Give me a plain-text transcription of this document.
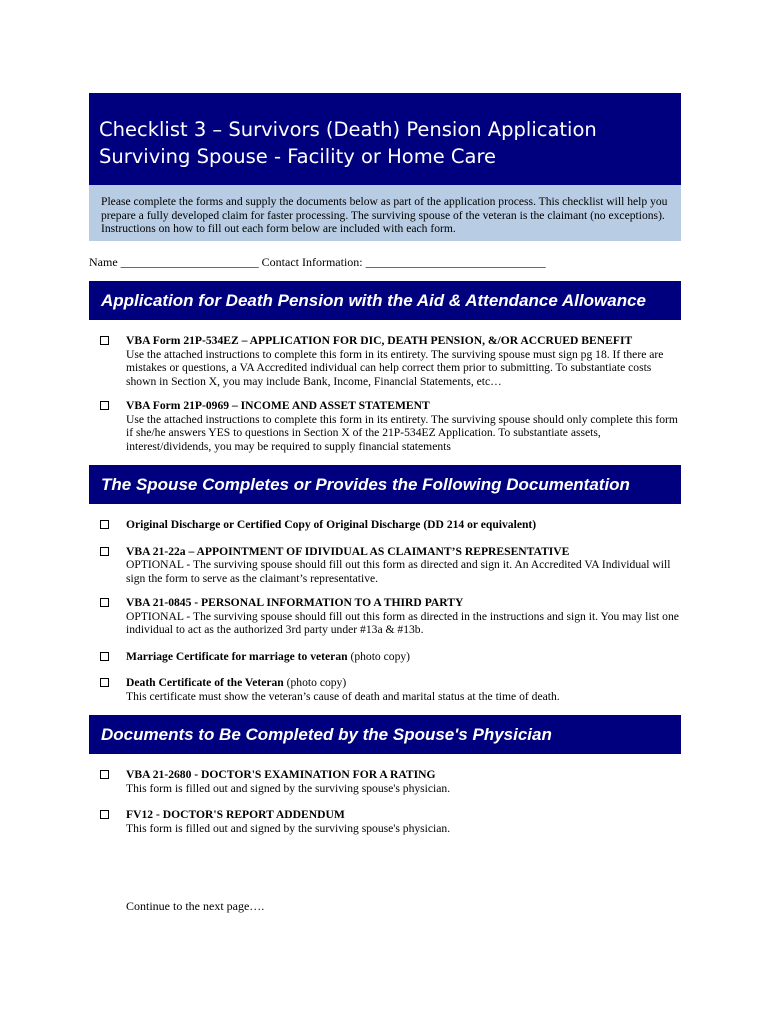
Checklist 3 – Survivors (Death) Pension Application
Surviving Spouse - Facility or Home Care
Please complete the forms and supply the documents below as part of the application process. This checklist will help you prepare a fully developed claim for faster processing. The surviving spouse of the veteran is the claimant (no exceptions). Instructions on how to fill out each form below are included with each form.
Name _______________________ Contact Information: ______________________________
Application for Death Pension with the Aid & Attendance Allowance
VBA Form 21P-534EZ – APPLICATION FOR DIC, DEATH PENSION, &/OR ACCRUED BENEFIT
Use the attached instructions to complete this form in its entirety. The surviving spouse must sign pg 18. If there are mistakes or questions, a VA Accredited individual can help correct them prior to submitting. To substantiate costs shown in Section X, you may include Bank, Income, Financial Statements, etc…
VBA Form 21P-0969 – INCOME AND ASSET STATEMENT
Use the attached instructions to complete this form in its entirety. The surviving spouse should only complete this form if she/he answers YES to questions in Section X of the 21P-534EZ Application. To substantiate assets, interest/dividends, you may be required to supply financial statements
The Spouse Completes or Provides the Following Documentation
Original Discharge or Certified Copy of Original Discharge (DD 214 or equivalent)
VBA 21-22a – APPOINTMENT OF IDIVIDUAL AS CLAIMANT’S REPRESENTATIVE
OPTIONAL - The surviving spouse should fill out this form as directed and sign it. An Accredited VA Individual will sign the form to serve as the claimant’s representative.
VBA 21-0845 - PERSONAL INFORMATION TO A THIRD PARTY
OPTIONAL - The surviving spouse should fill out this form as directed in the instructions and sign it. You may list one individual to act as the authorized 3rd party under #13a & #13b.
Marriage Certificate for marriage to veteran (photo copy)
Death Certificate of the Veteran (photo copy)
This certificate must show the veteran’s cause of death and marital status at the time of death.
Documents to Be Completed by the Spouse's Physician
VBA 21-2680 - DOCTOR'S EXAMINATION FOR A RATING
This form is filled out and signed by the surviving spouse's physician.
FV12 - DOCTOR'S REPORT ADDENDUM
This form is filled out and signed by the surviving spouse's physician.
Continue to the next page….
